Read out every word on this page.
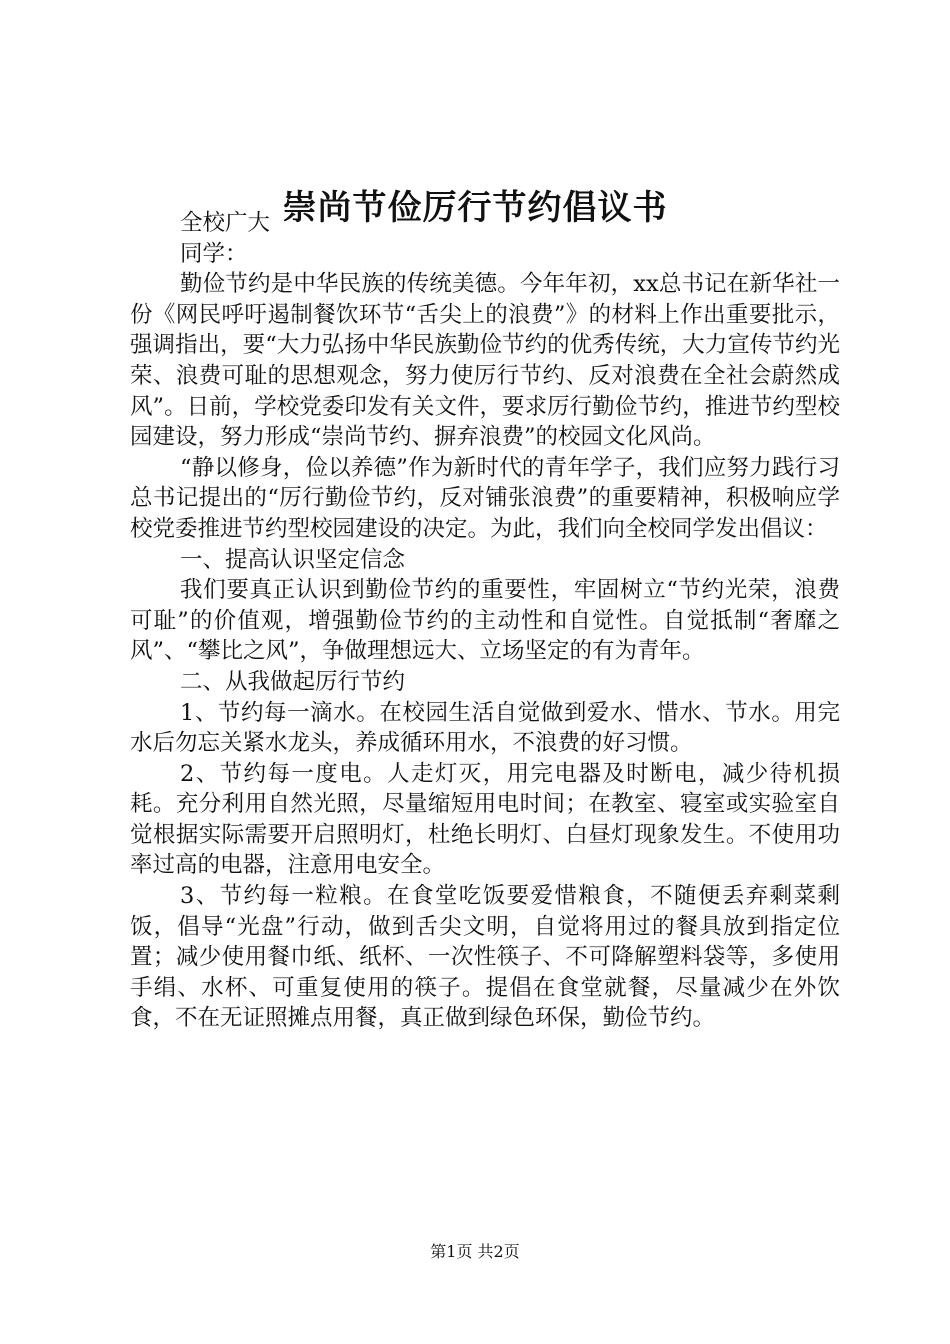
崇尚节俭厉行节约倡议书

全校广大

同学：

勤俭节约是中华民族的传统美德。今年年初，xx总书记在新华社一份《网民呼吁遏制餐饮环节“舌尖上的浪费”》的材料上作出重要批示，强调指出，要“大力弘扬中华民族勤俭节约的优秀传统，大力宣传节约光荣、浪费可耻的思想观念，努力使厉行节约、反对浪费在全社会蔚然成风”。日前，学校党委印发有关文件，要求厉行勤俭节约，推进节约型校园建设，努力形成“崇尚节约、摒弃浪费”的校园文化风尚。

“静以修身，俭以养德”作为新时代的青年学子，我们应努力践行习总书记提出的“厉行勤俭节约，反对铺张浪费”的重要精神，积极响应学校党委推进节约型校园建设的决定。为此，我们向全校同学发出倡议：

一、提高认识坚定信念

我们要真正认识到勤俭节约的重要性，牢固树立“节约光荣，浪费可耻”的价值观，增强勤俭节约的主动性和自觉性。自觉抵制“奢靡之风”、“攀比之风”，争做理想远大、立场坚定的有为青年。

二、从我做起厉行节约

1、节约每一滴水。在校园生活自觉做到爱水、惜水、节水。用完水后勿忘关紧水龙头，养成循环用水，不浪费的好习惯。

2、节约每一度电。人走灯灭，用完电器及时断电，减少待机损耗。充分利用自然光照，尽量缩短用电时间；在教室、寝室或实验室自觉根据实际需要开启照明灯，杜绝长明灯、白昼灯现象发生。不使用功率过高的电器，注意用电安全。

3、节约每一粒粮。在食堂吃饭要爱惜粮食，不随便丢弃剩菜剩饭，倡导“光盘”行动，做到舌尖文明，自觉将用过的餐具放到指定位置；减少使用餐巾纸、纸杯、一次性筷子、不可降解塑料袋等，多使用手绢、水杯、可重复使用的筷子。提倡在食堂就餐，尽量减少在外饮食，不在无证照摊点用餐，真正做到绿色环保，勤俭节约。

第1页 共2页
